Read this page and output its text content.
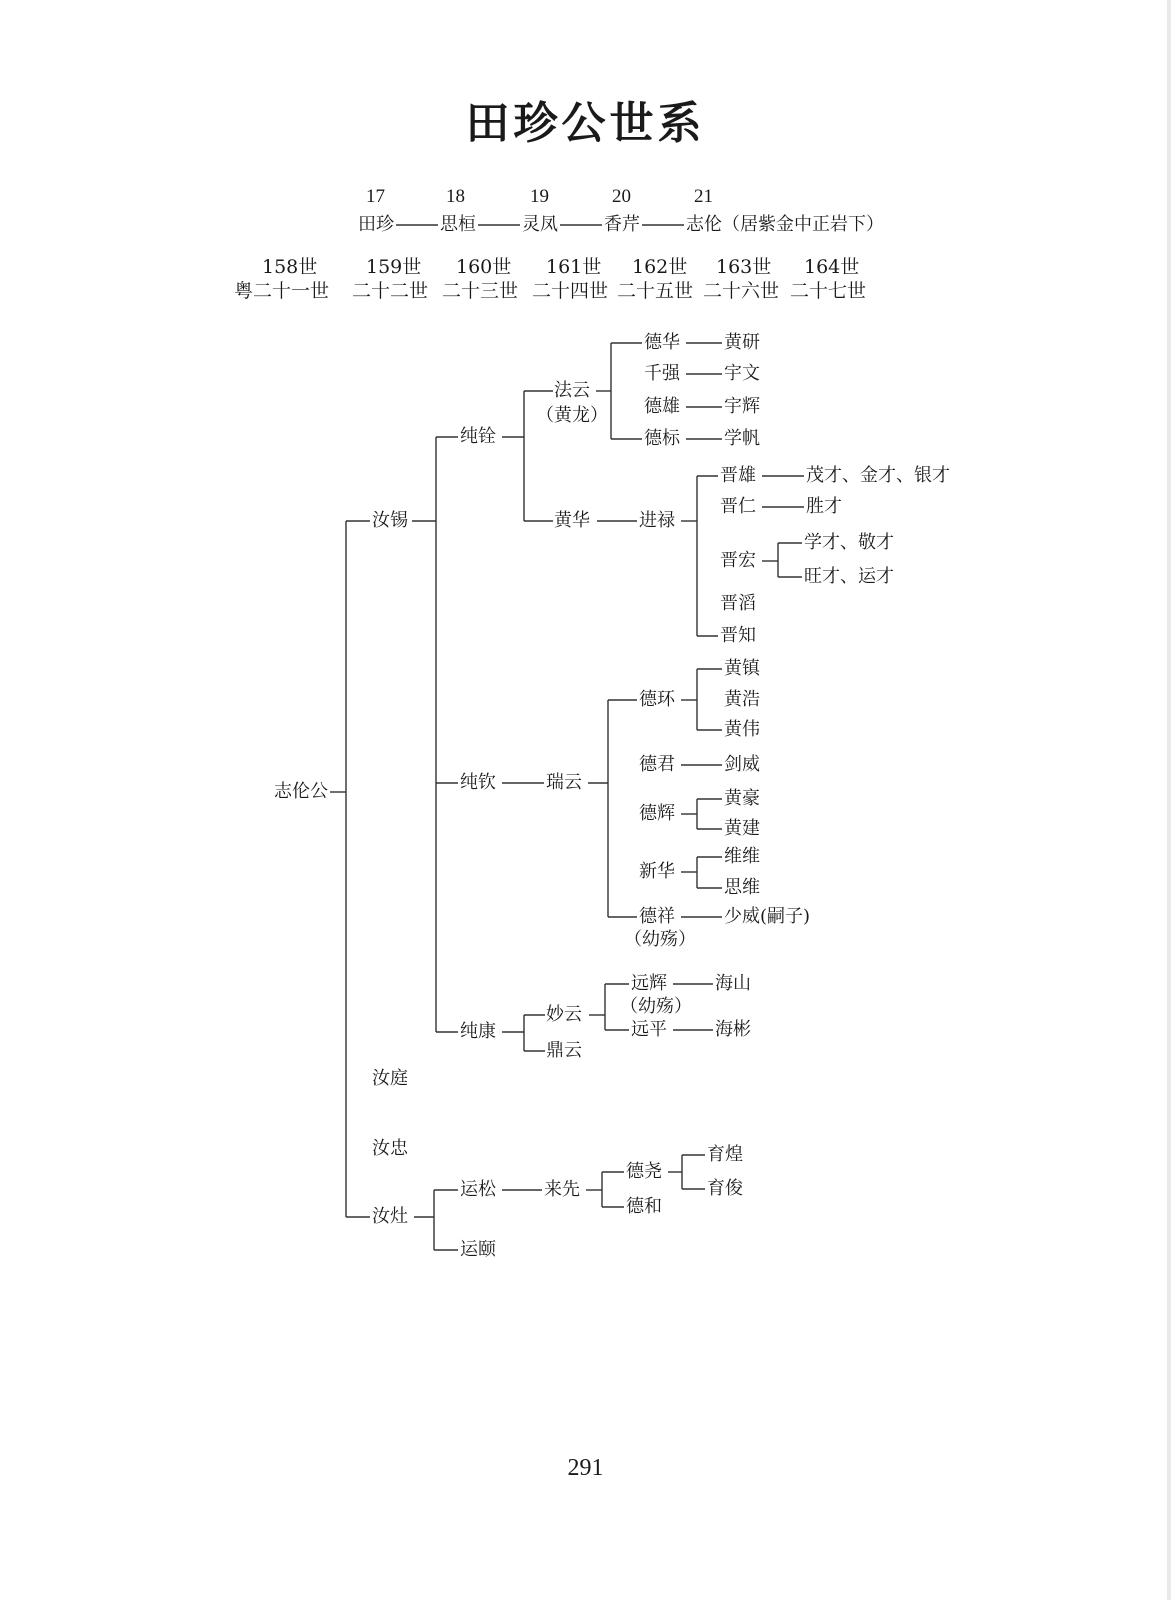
田珍公世系
17	18	19	20	21
田珍	思桓	灵凤	香芹	志伦 （居紫金中正岩下）
158世	159世 160世 161世 162世 163世 164世
粤二十一世 二十二世 二十三世 二十四世 二十五世 二十六世 二十七世
志伦公
汝锡
汝庭
汝忠
汝灶
纯铨
纯钦
纯康
运松
运颐
法云
（黄龙）
黄华
瑞云
妙云
鼎云
来先
德华
千强
德雄
德标
黄研
宇文
宇辉
学帆
进禄
晋雄	茂才、金才、银才
晋仁	胜才
晋宏
学才、敬才
旺才、运才
晋滔
晋知
德环
黄镇
黄浩
黄伟
德君	剑威
德辉
黄豪
黄建
新华
维维
思维
德祥
（幼殇）
少威(嗣子)
远辉
（幼殇）
海山
远平	海彬
德尧
德和
育煌
育俊
291
